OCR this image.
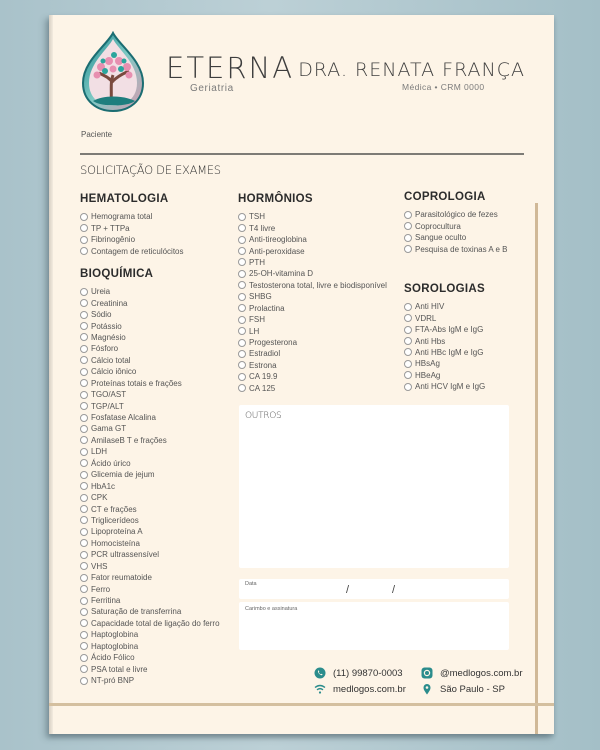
ETERNA
Geriatria
DRA. RENATA FRANÇA
Médica • CRM 0000
Paciente
SOLICITAÇÃO DE EXAMES
HEMATOLOGIA
Hemograma total
TP + TTPa
Fibrinogênio
Contagem de reticulócitos
BIOQUÍMICA
Ureia
Creatinina
Sódio
Potássio
Magnésio
Fósforo
Cálcio total
Cálcio iônico
Proteínas totais e frações
TGO/AST
TGP/ALT
Fosfatase Alcalina
Gama GT
AmilaseB T e frações
LDH
Ácido úrico
Glicemia de jejum
HbA1c
CPK
CT e frações
Triglicerídeos
Lipoproteína A
Homocisteína
PCR ultrassensível
VHS
Fator reumatoide
Ferro
Ferritina
Saturação de transferrina
Capacidade total de ligação do ferro
Haptoglobina
Haptoglobina
Ácido Fólico
PSA total e livre
NT-pró BNP
HORMÔNIOS
TSH
T4 livre
Anti-tireoglobina
Anti-peroxidase
PTH
25-OH-vitamina D
Testosterona total, livre e biodisponível
SHBG
Prolactina
FSH
LH
Progesterona
Estradiol
Estrona
CA 19.9
CA 125
COPROLOGIA
Parasitológico de fezes
Coprocultura
Sangue oculto
Pesquisa de toxinas A e B
SOROLOGIAS
Anti HIV
VDRL
FTA-Abs IgM e IgG
Anti Hbs
Anti HBc IgM e IgG
HBsAg
HBeAg
Anti HCV IgM e IgG
OUTROS
Data	/	/
Carimbo e assinatura
(11) 99870-0003	@medlogos.com.br
medlogos.com.br	São Paulo - SP
